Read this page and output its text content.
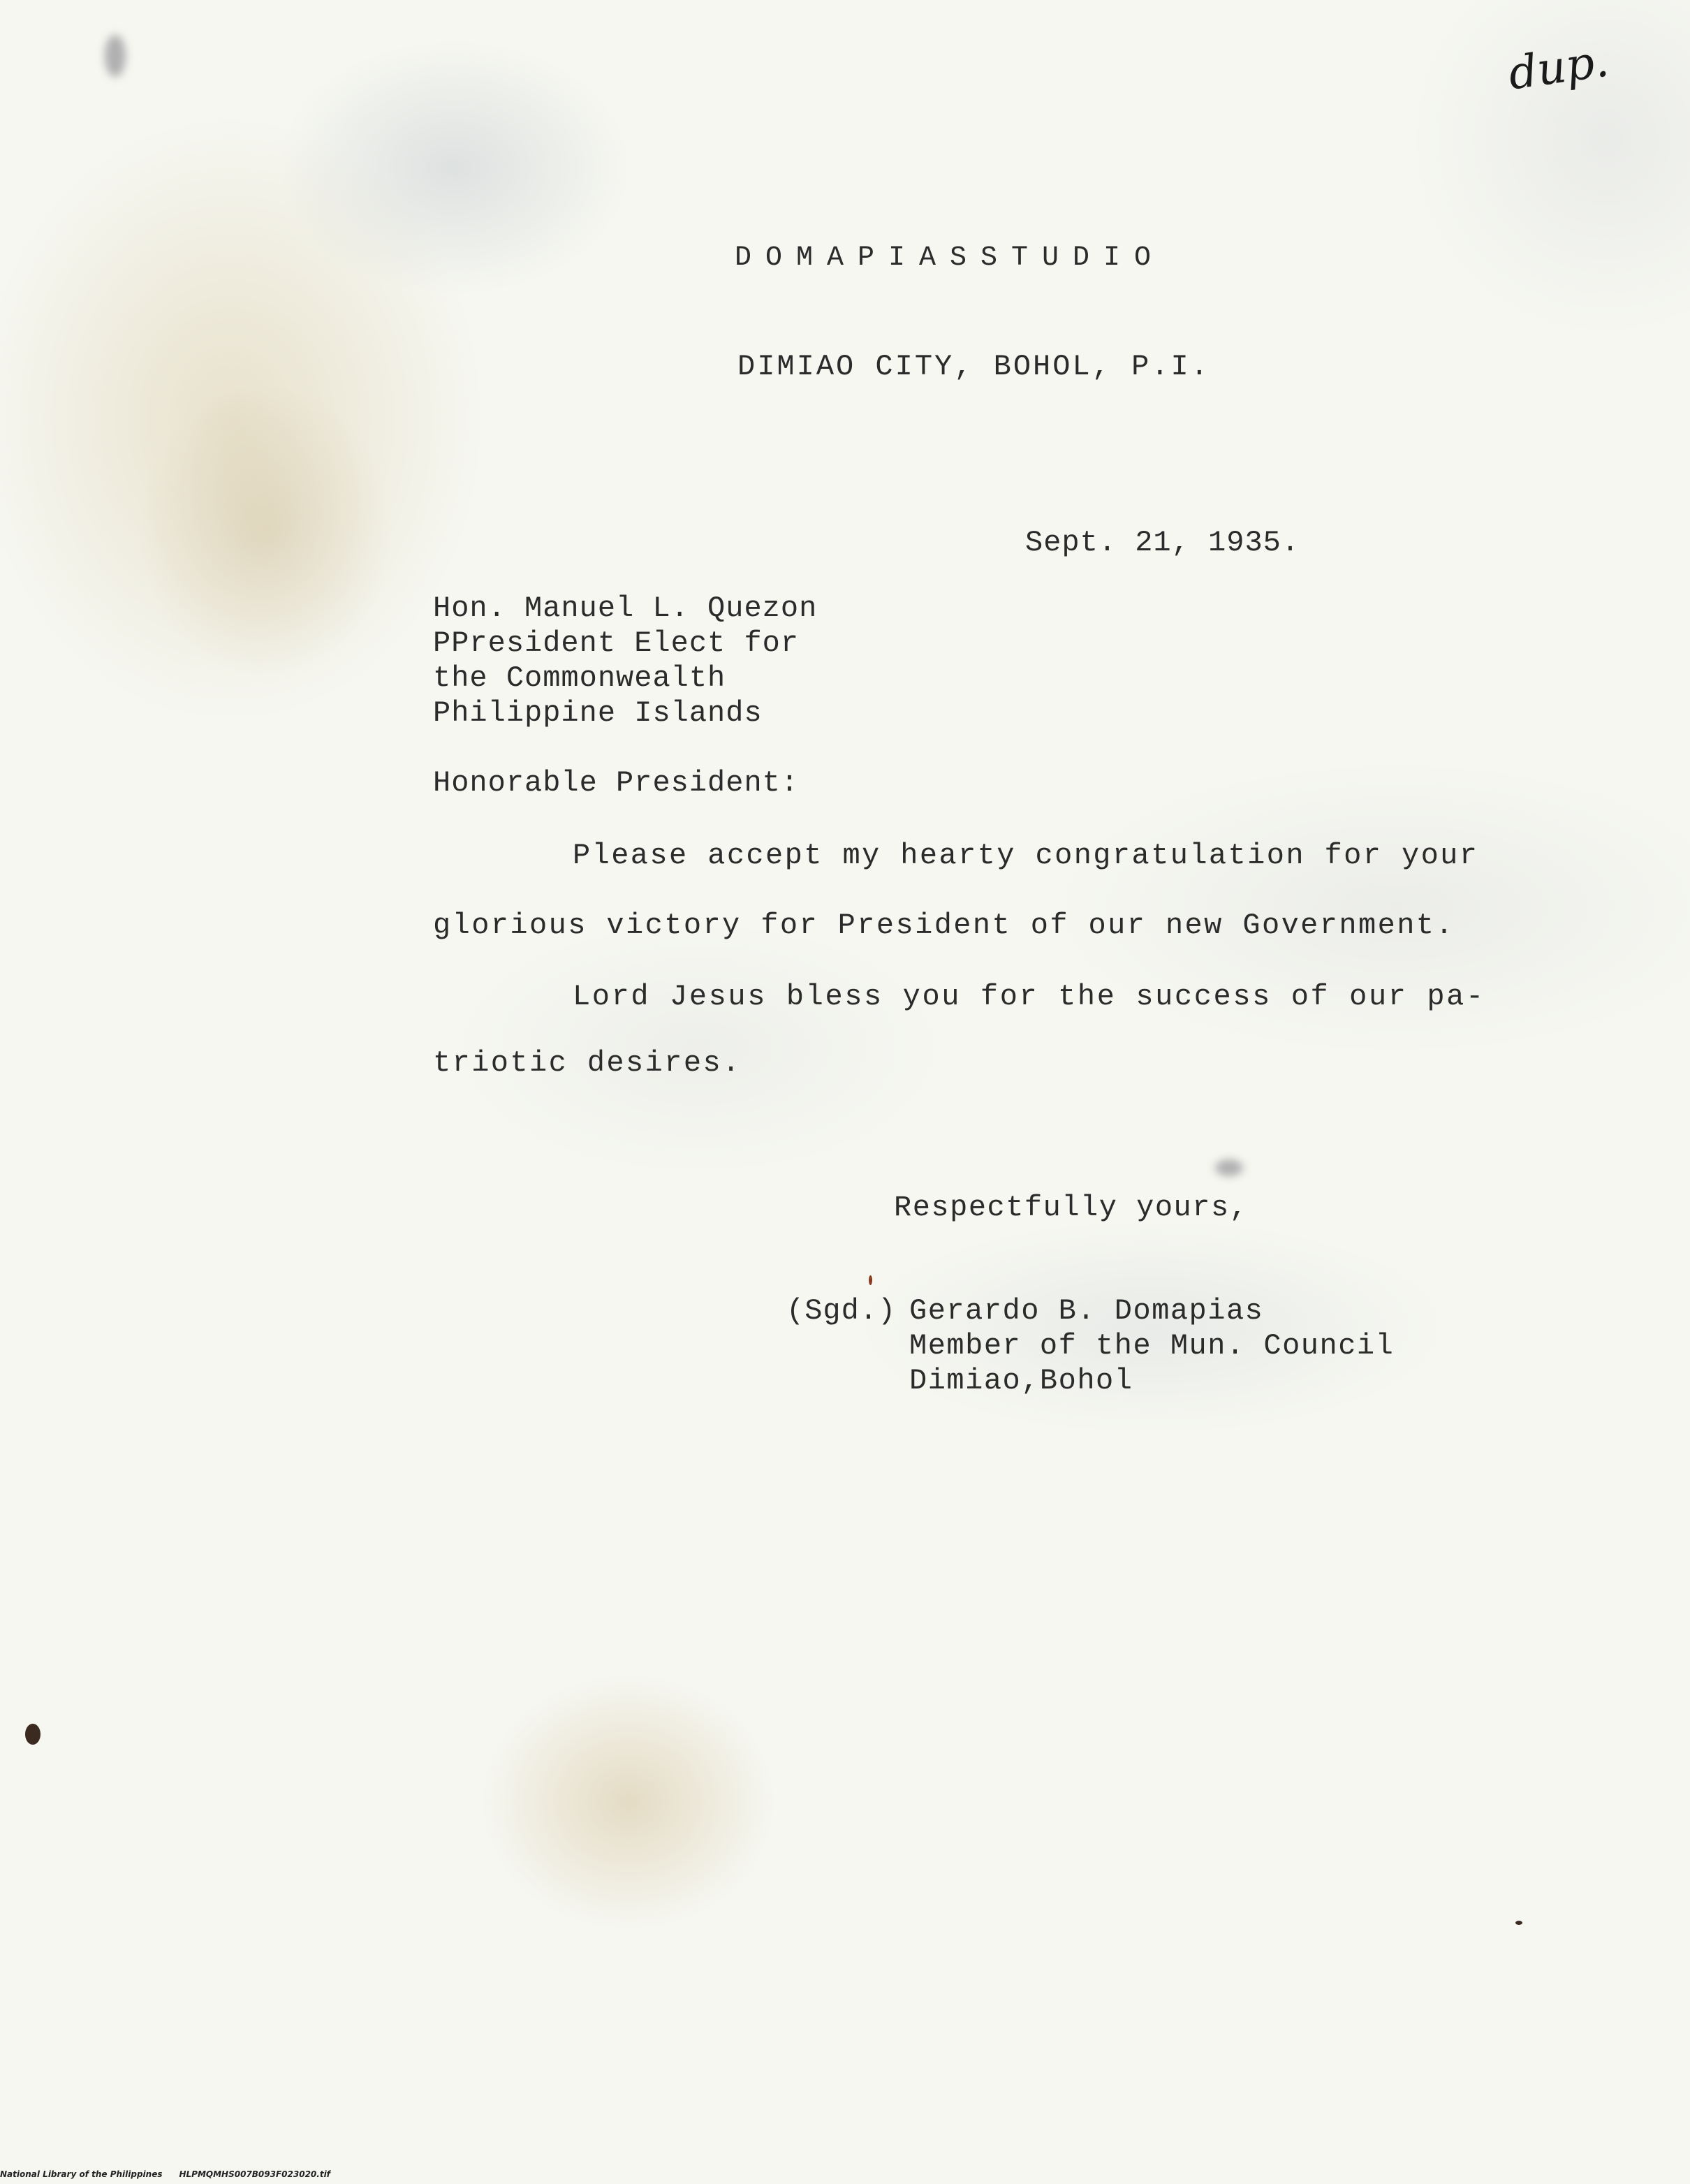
dup.
DOMAPIASSTUDIO
DIMIAO CITY, BOHOL, P.I.
Sept. 21, 1935.
Hon. Manuel L. Quezon
PPresident Elect for
the Commonwealth
Philippine Islands
Honorable President:
Please accept my hearty congratulation for your
glorious victory for President of our new Government.
Lord Jesus bless you for the success of our pa-
triotic desires.
Respectfully yours,
(Sgd.) Gerardo B. Domapias
Member of the Mun. Council
Dimiao,Bohol
National Library of the Philippines HLPMQMHS007B093F023020.tif
